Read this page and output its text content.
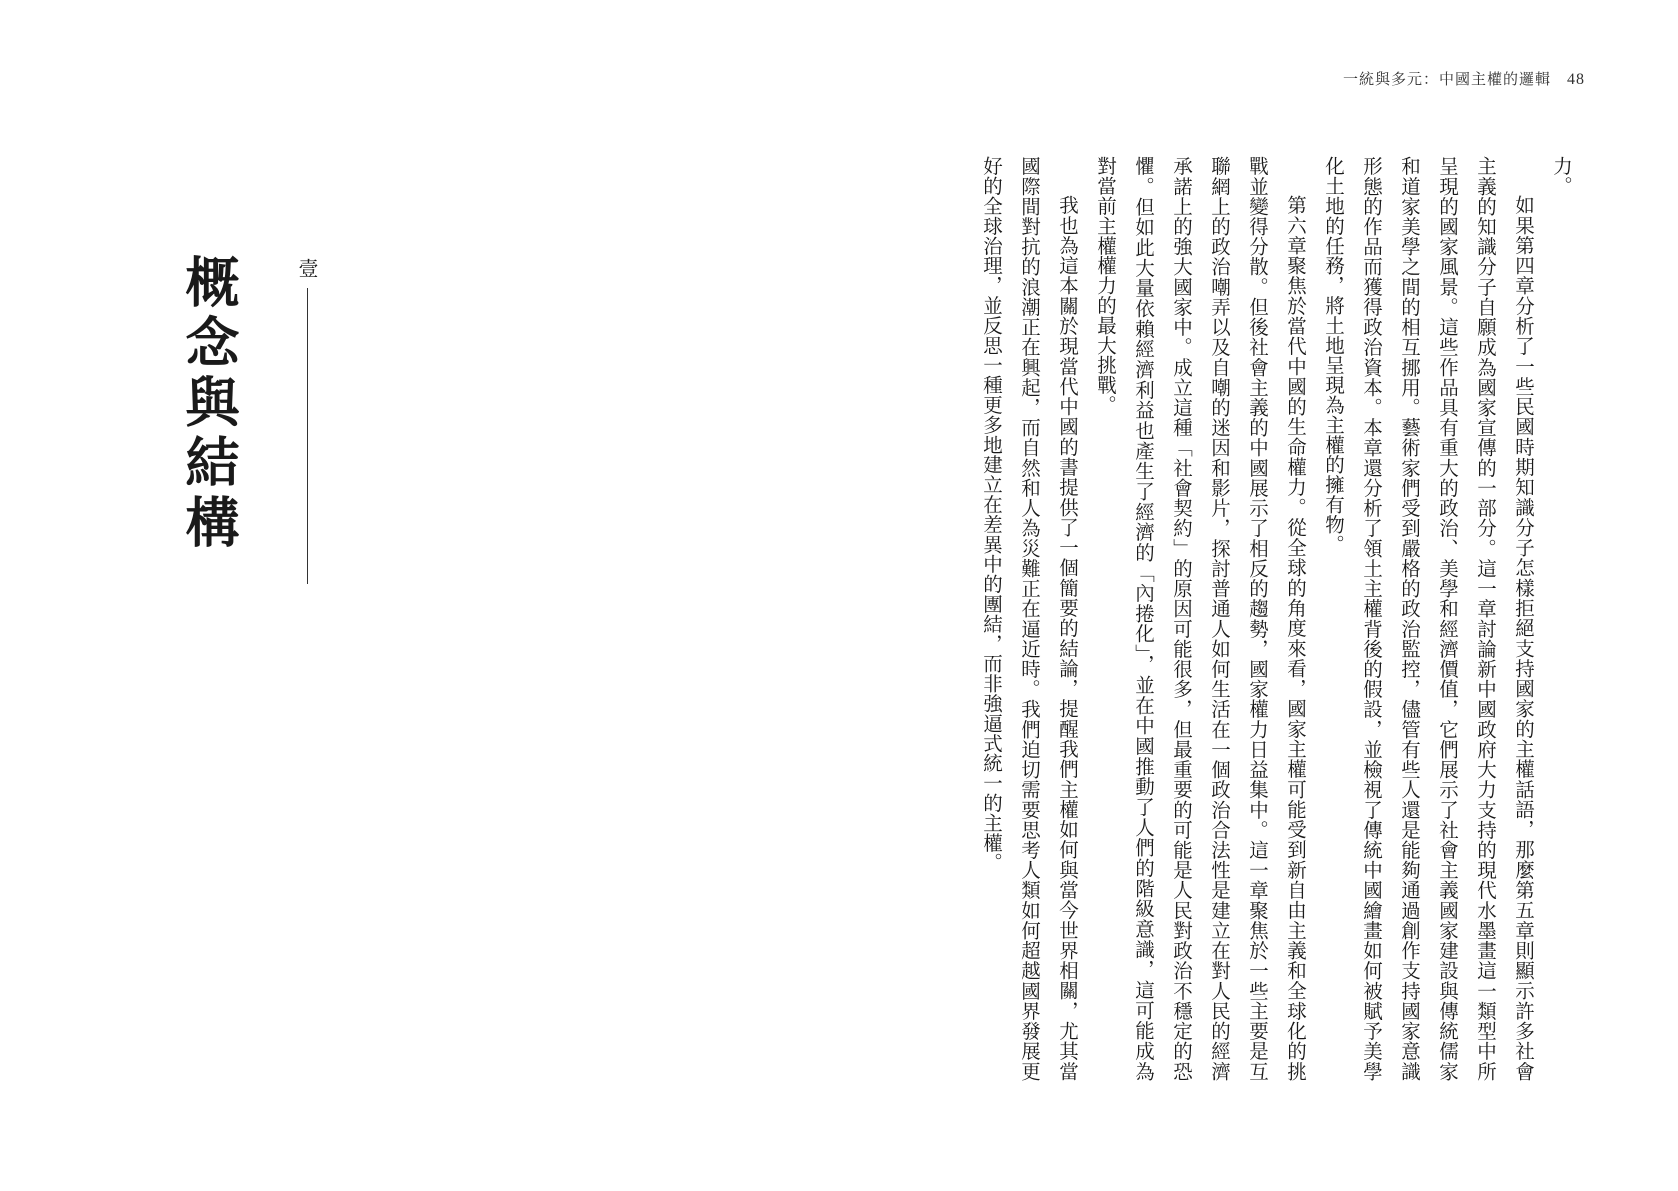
一統與多元：中國主權的邏輯 48

力。

如果第四章分析了一些民國時期知識分子怎樣拒絕支持國家的主權話語，那麼第五章則顯示許多社會主義的知識分子自願成為國家宣傳的一部分。這一章討論新中國政府大力支持的現代水墨畫這一類型中所呈現的國家風景。這些作品具有重大的政治、美學和經濟價值，它們展示了社會主義國家建設與傳統儒家和道家美學之間的相互挪用。藝術家們受到嚴格的政治監控，儘管有些人還是能夠通過創作支持國家意識形態的作品而獲得政治資本。本章還分析了領土主權背後的假設，並檢視了傳統中國繪畫如何被賦予美學化土地的任務，將土地呈現為主權的擁有物。

第六章聚焦於當代中國的生命權力。從全球的角度來看，國家主權可能受到新自由主義和全球化的挑戰並變得分散。但後社會主義的中國展示了相反的趨勢，國家權力日益集中。這一章聚焦於一些主要是互聯網上的政治嘲弄以及自嘲的迷因和影片，探討普通人如何生活在一個政治合法性是建立在對人民的經濟承諾上的強大國家中。成立這種「社會契約」的原因可能很多，但最重要的可能是人民對政治不穩定的恐懼。但如此大量依賴經濟利益也產生了經濟的「內捲化」，並在中國推動了人們的階級意識，這可能成為對當前主權權力的最大挑戰。

我也為這本關於現當代中國的書提供了一個簡要的結論，提醒我們主權如何與當今世界相關，尤其當國際間對抗的浪潮正在興起，而自然和人為災難正在逼近時。我們迫切需要思考人類如何超越國界發展更好的全球治理，並反思一種更多地建立在差異中的團結，而非強逼式統一的主權。

壹
概念與結構
